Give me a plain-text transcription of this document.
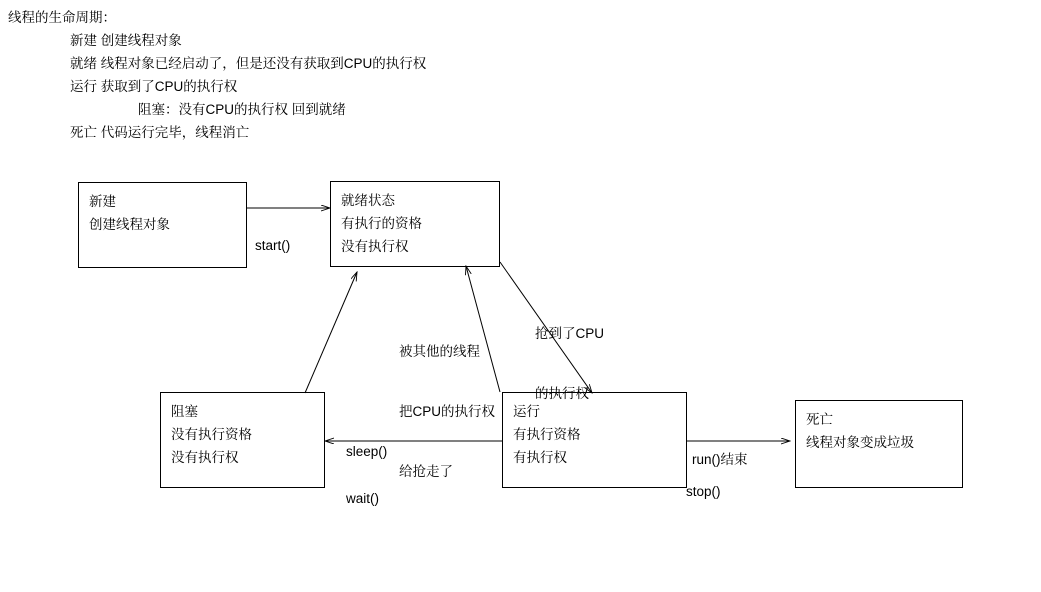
线程的生命周期：
新建 创建线程对象
就绪 线程对象已经启动了，但是还没有获取到CPU的执行权
运行 获取到了CPU的执行权
阻塞：没有CPU的执行权 回到就绪
死亡 代码运行完毕，线程消亡
新建
创建线程对象
就绪状态
有执行的资格
没有执行权
阻塞
没有执行资格
没有执行权
运行
有执行资格
有执行权
死亡
线程对象变成垃圾

start()

抢到了CPU

的执行权

被其他的线程

把CPU的执行权

给抢走了

sleep()

wait()

run()结束

stop()
